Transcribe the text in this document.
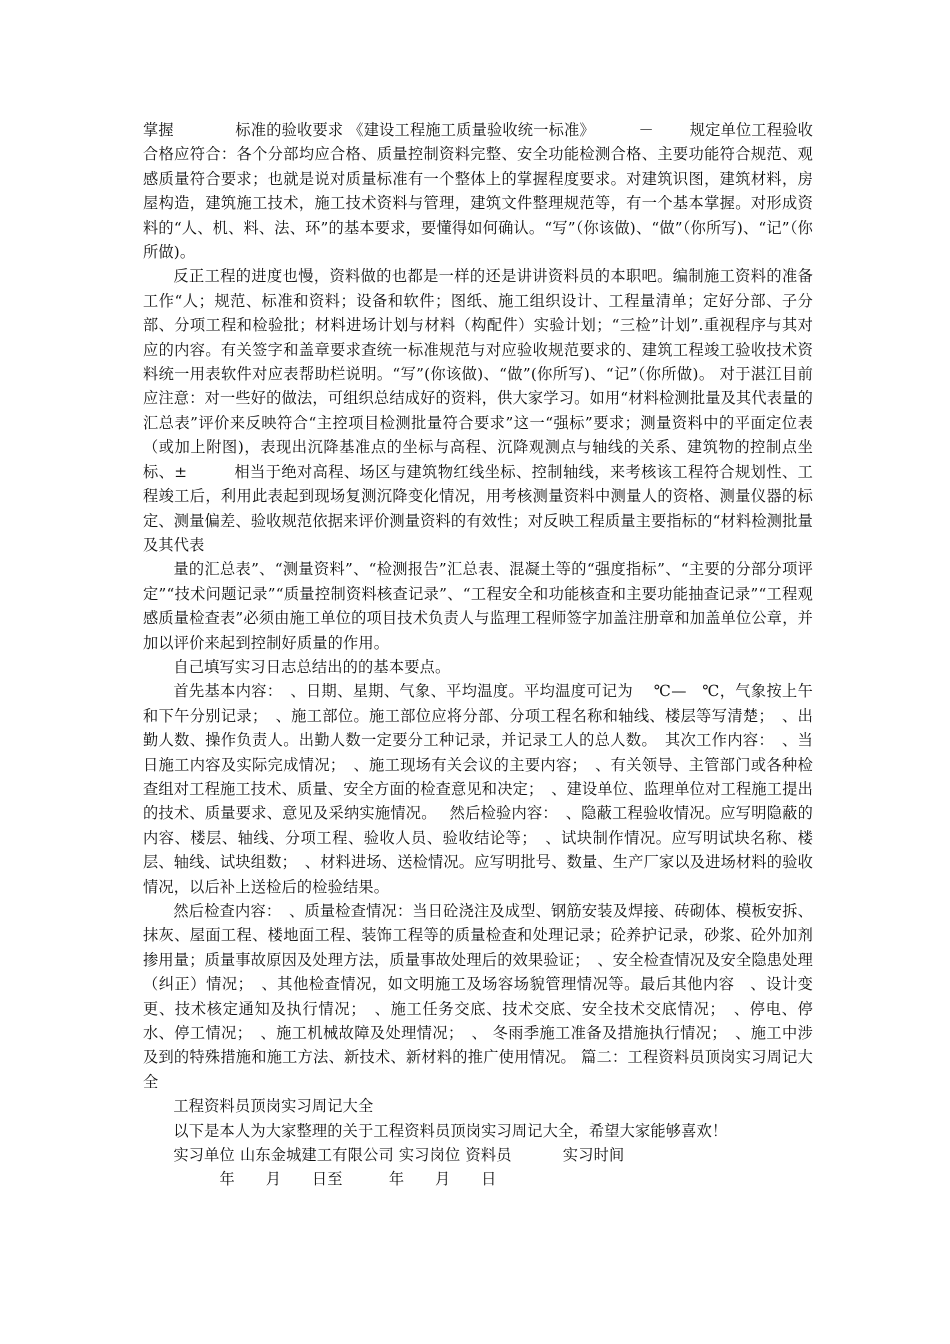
掌握　　　　标准的验收要求 《建设工程施工质量验收统一标准》　　　 －　　 规定单位工程验收合格应符合：各个分部均应合格、质量控制资料完整、安全功能检测合格、主要功能符合规范、观感质量符合要求；也就是说对质量标准有一个整体上的掌握程度要求。对建筑识图，建筑材料，房屋构造，建筑施工技术，施工技术资料与管理，建筑文件整理规范等，有一个基本掌握。对形成资料的“人、机、料、法、环”的基本要求，要懂得如何确认。“写”（你该做)、“做”（你所写)、“记”（你所做)。

反正工程的进度也慢，资料做的也都是一样的还是讲讲资料员的本职吧。编制施工资料的准备工作“人；规范、标准和资料；设备和软件；图纸、施工组织设计、工程量清单；定好分部、子分部、分项工程和检验批；材料进场计划与材料（构配件）实验计划；“三检”计划”.重视程序与其对应的内容。有关签字和盖章要求查统一标准规范与对应验收规范要求的、建筑工程竣工验收技术资料统一用表软件对应表帮助栏说明。“写”(你该做)、“做”(你所写)、“记”（你所做)。 对于湛江目前应注意：对一些好的做法，可组织总结成好的资料，供大家学习。如用“材料检测批量及其代表量的汇总表”评价来反映符合“主控项目检测批量符合要求”这一“强标”要求；测量资料中的平面定位表（或加上附图)，表现出沉降基准点的坐标与高程、沉降观测点与轴线的关系、建筑物的控制点坐标、±　　　相当于绝对高程、场区与建筑物红线坐标、控制轴线，来考核该工程符合规划性、工程竣工后，利用此表起到现场复测沉降变化情况，用考核测量资料中测量人的资格、测量仪器的标定、测量偏差、验收规范依据来评价测量资料的有效性；对反映工程质量主要指标的“材料检测批量及其代表

量的汇总表”、“测量资料”、“检测报告”汇总表、混凝土等的“强度指标”、“主要的分部分项评定”“技术问题记录”“质量控制资料核查记录”、“工程安全和功能核查和主要功能抽查记录”“工程观感质量检查表”必须由施工单位的项目技术负责人与监理工程师签字加盖注册章和加盖单位公章，并加以评价来起到控制好质量的作用。

自己填写实习日志总结出的的基本要点。

首先基本内容：　、日期、星期、气象、平均温度。平均温度可记为　 ℃—　℃，气象按上午和下午分别记录；　、施工部位。施工部位应将分部、分项工程名称和轴线、楼层等写清楚；　、出勤人数、操作负责人。出勤人数一定要分工种记录，并记录工人的总人数。　其次工作内容：　、当日施工内容及实际完成情况；　、施工现场有关会议的主要内容；　、有关领导、主管部门或各种检查组对工程施工技术、质量、安全方面的检查意见和决定；　、建设单位、监理单位对工程施工提出的技术、质量要求、意见及采纳实施情况。　 然后检验内容：　、隐蔽工程验收情况。应写明隐蔽的内容、楼层、轴线、分项工程、验收人员、验收结论等；　、试块制作情况。应写明试块名称、楼层、轴线、试块组数；　、材料进场、送检情况。应写明批号、数量、生产厂家以及进场材料的验收情况，以后补上送检后的检验结果。

然后检查内容：　、质量检查情况：当日砼浇注及成型、钢筋安装及焊接、砖砌体、模板安拆、抹灰、屋面工程、楼地面工程、装饰工程等的质量检查和处理记录；砼养护记录，砂浆、砼外加剂掺用量；质量事故原因及处理方法，质量事故处理后的效果验证；　、安全检查情况及安全隐患处理（纠正）情况；　、其他检查情况，如文明施工及场容场貌管理情况等。最后其他内容　、设计变更、技术核定通知及执行情况；　、施工任务交底、技术交底、安全技术交底情况；　、停电、停水、停工情况；　、施工机械故障及处理情况；　、 冬雨季施工准备及措施执行情况；　、施工中涉及到的特殊措施和施工方法、新技术、新材料的推广使用情况。 篇二：工程资料员顶岗实习周记大全

工程资料员顶岗实习周记大全

以下是本人为大家整理的关于工程资料员顶岗实习周记大全，希望大家能够喜欢！

实习单位 山东金城建工有限公司 实习岗位 资料员　　　 实习时间

　　　年　　月　　日至　　　年　　月　　日
